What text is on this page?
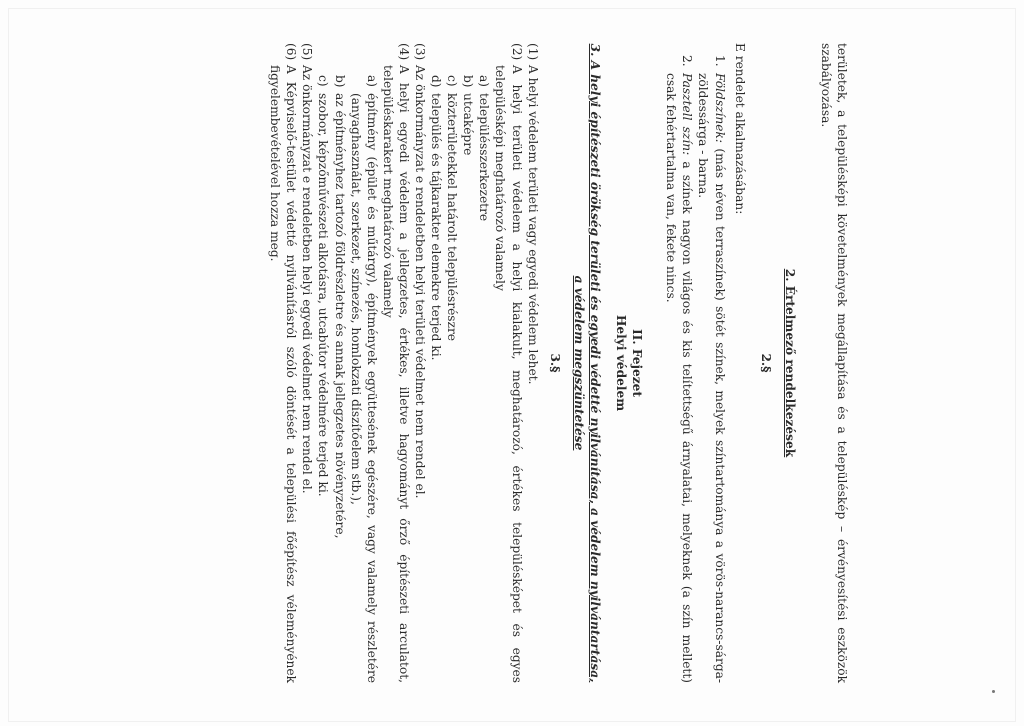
területek, a településképi követelmények megállapítása és a településkép – érvényesítési eszközök szabályozása.

2. Értelmező rendelkezések
2.§
E rendelet alkalmazásában:
1.
Földszínek: (más néven terraszínek) sötét színek, melyek színtartománya a vörös-narancs-sárga-zöldessárga - barna.
2.
Pasztell szín: a színek nagyon világos és kis telítettségű árnyalatai, melyeknek (a szín mellett) csak fehértartalma van, fekete nincs.
II. Fejezet
Helyi védelem
3. A helyi építészeti örökség területi és egyedi védetté nyilvánítása, a védelem nyilvántartása, a védelem megszüntetése
3.§
(1)
A helyi védelem területi vagy egyedi védelem lehet.
(2)
A helyi területi védelem a helyi kialakult, meghatározó, értékes településképet és egyes településképi meghatározó valamely
a)
településszerkezetre
b)
utcaképre
c)
közterületekkel határolt településrészre
d)
település és tájkarakter elemekre terjed ki.
(3)
Az önkormányzat e rendeletben helyi területi védelmet nem rendel el.
(4)
A helyi egyedi védelem a jellegzetes, értékes, illetve hagyományt őrző építészeti arculatot, településkarakert meghatározó valamely
a)
építmény (épület és műtárgy), építmények együttesének egészére, vagy valamely részletére (anyaghasználat, szerkezet, színezés, homlokzati díszítőelem stb.),
b)
az építményhez tartozó földrészletre és annak jellegzetes növényzetére,
c)
szobor, képzőművészeti alkotásra, utcabútor védelmére terjed ki.
(5)
Az önkormányzat e rendeletben helyi egyedi védelmet nem rendel el.
(6)
A Képviselő-testület védetté nyilvánításról szóló döntését a települési főépítész véleményének figyelembevételével hozza meg.
